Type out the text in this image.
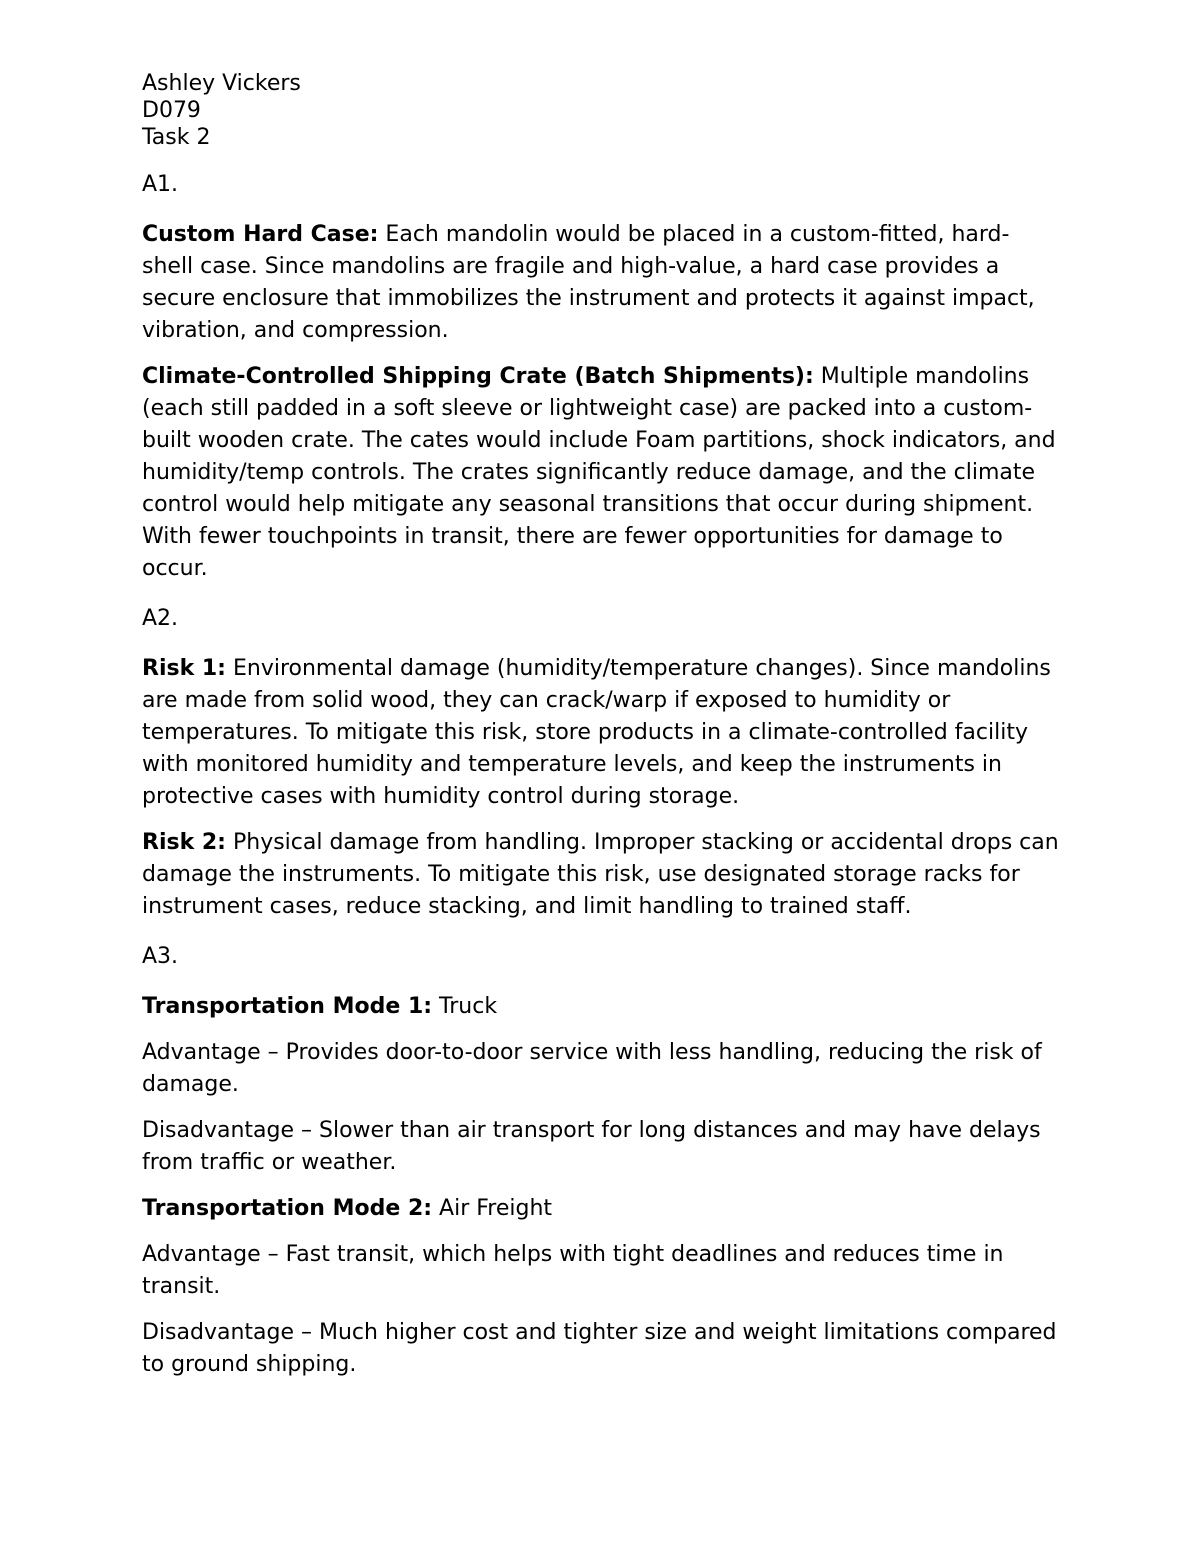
Ashley Vickers

D079

Task 2

A1.

Custom Hard Case: Each mandolin would be placed in a custom-fitted, hard-shell case. Since mandolins are fragile and high-value, a hard case provides a secure enclosure that immobilizes the instrument and protects it against impact, vibration, and compression.

Climate-Controlled Shipping Crate (Batch Shipments): Multiple mandolins (each still padded in a soft sleeve or lightweight case) are packed into a custom-built wooden crate. The cates would include Foam partitions, shock indicators, and humidity/temp controls. The crates significantly reduce damage, and the climate control would help mitigate any seasonal transitions that occur during shipment. With fewer touchpoints in transit, there are fewer opportunities for damage to occur.

A2.

Risk 1: Environmental damage (humidity/temperature changes). Since mandolins are made from solid wood, they can crack/warp if exposed to humidity or temperatures. To mitigate this risk, store products in a climate-controlled facility with monitored humidity and temperature levels, and keep the instruments in protective cases with humidity control during storage.

Risk 2: Physical damage from handling. Improper stacking or accidental drops can damage the instruments. To mitigate this risk, use designated storage racks for instrument cases, reduce stacking, and limit handling to trained staff.

A3.

Transportation Mode 1: Truck

Advantage – Provides door-to-door service with less handling, reducing the risk of damage.

Disadvantage – Slower than air transport for long distances and may have delays from traffic or weather.

Transportation Mode 2: Air Freight

Advantage – Fast transit, which helps with tight deadlines and reduces time in transit.

Disadvantage – Much higher cost and tighter size and weight limitations compared to ground shipping.
